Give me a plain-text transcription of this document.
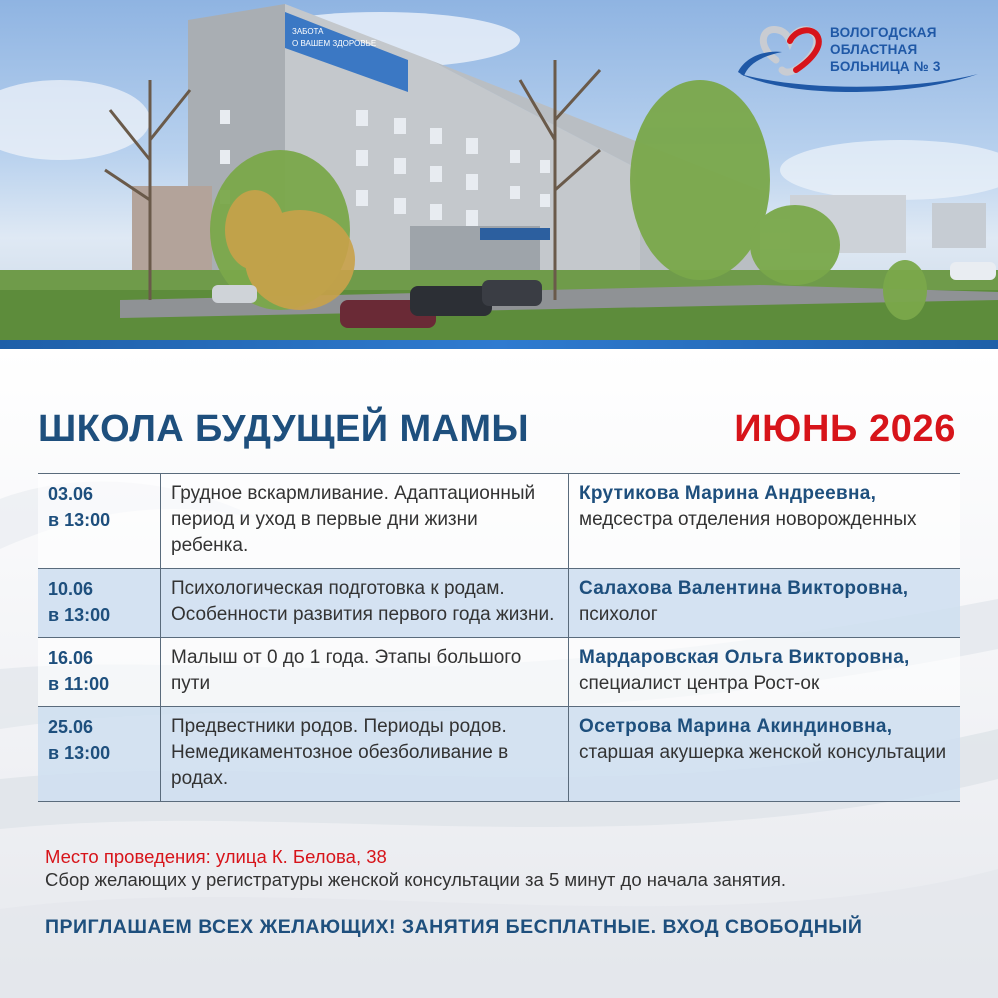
ЗАБОТА
О ВАШЕМ ЗДОРОВЬЕ
ВОЛОГОДСКАЯ
ОБЛАСТНАЯ
БОЛЬНИЦА № 3
ШКОЛА БУДУЩЕЙ МАМЫ	ИЮНЬ 2026
03.06
в 13:00	Грудное вскармливание. Адаптационный период и уход в первые дни жизни ребенка.	Крутикова Марина Андреевна, медсестра отделения новорожденных

10.06
в 13:00	Психологическая подготовка к родам. Особенности развития первого года жизни.	Салахова Валентина Викторовна, психолог

16.06
в 11:00	Малыш от 0 до 1 года. Этапы большого пути	Мардаровская Ольга Викторовна, специалист центра Рост-ок

25.06
в 13:00	Предвестники родов. Периоды родов. Немедикаментозное обезболивание в родах.	Осетрова Марина Акиндиновна, старшая акушерка женской консультации
Место проведения: улица К. Белова, 38
Сбор желающих у регистратуры женской консультации за 5 минут до начала занятия.
ПРИГЛАШАЕМ ВСЕХ ЖЕЛАЮЩИХ! ЗАНЯТИЯ БЕСПЛАТНЫЕ. ВХОД СВОБОДНЫЙ
